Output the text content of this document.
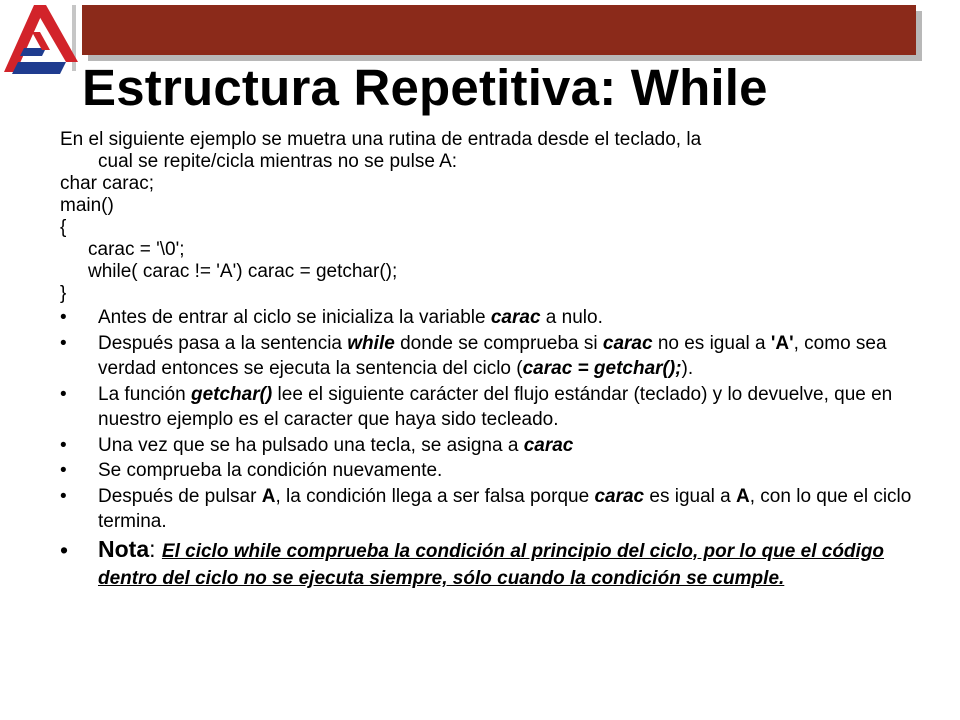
Estructura Repetitiva: While
En el siguiente ejemplo se muetra una rutina de entrada desde el teclado, la
cual se repite/cicla mientras no se pulse A:
char carac;
main()
{
carac = '\0';
while( carac != 'A') carac = getchar();
}
• Antes de entrar al ciclo se inicializa la variable carac a nulo.
• Después pasa a la sentencia while donde se comprueba si carac no es igual a 'A', como sea verdad entonces se ejecuta la sentencia del ciclo (carac = getchar();).
• La función getchar() lee el siguiente carácter del flujo estándar (teclado) y lo devuelve, que en nuestro ejemplo es el caracter que haya sido tecleado.
• Una vez que se ha pulsado una tecla, se asigna a carac
• Se comprueba la condición nuevamente.
• Después de pulsar A, la condición llega a ser falsa porque carac es igual a A, con lo que el ciclo termina.
• Nota: El ciclo while comprueba la condición al principio del ciclo, por lo que el código dentro del ciclo no se ejecuta siempre, sólo cuando la condición se cumple.
